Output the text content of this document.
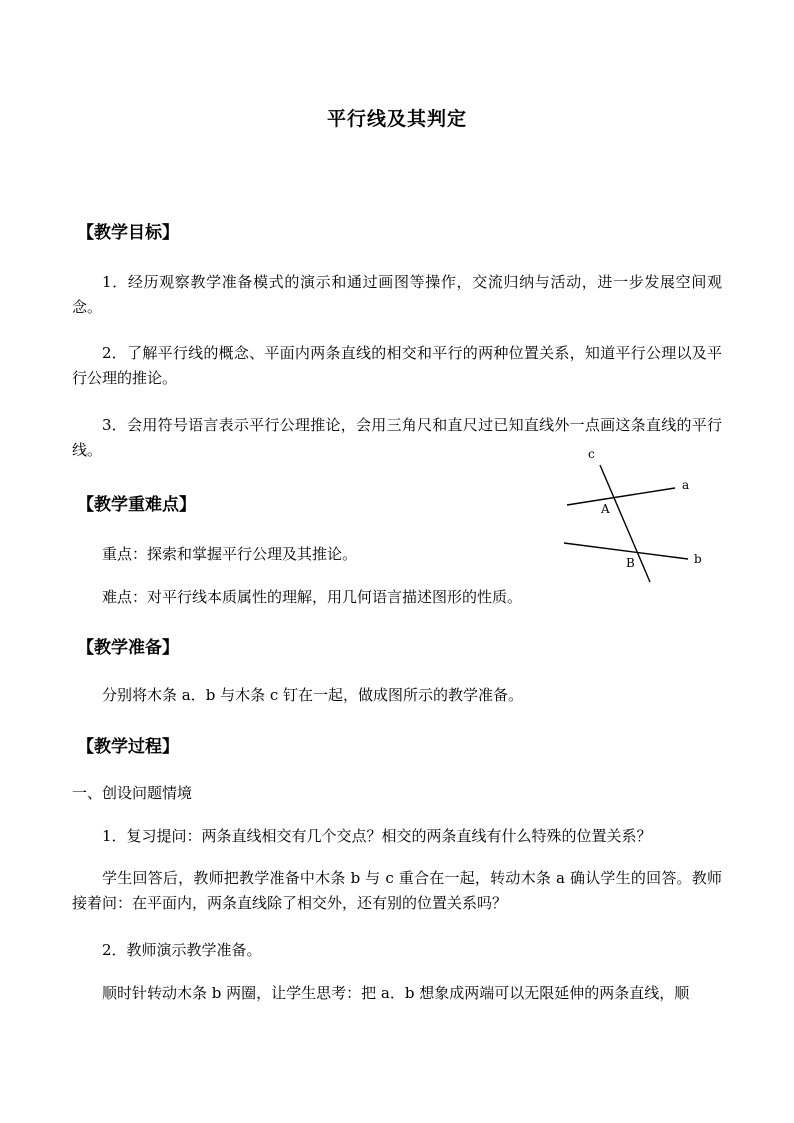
平行线及其判定
【教学目标】
1．经历观察教学准备模式的演示和通过画图等操作，交流归纳与活动，进一步发展空间观念。
2．了解平行线的概念、平面内两条直线的相交和平行的两种位置关系，知道平行公理以及平行公理的推论。
3．会用符号语言表示平行公理推论，会用三角尺和直尺过已知直线外一点画这条直线的平行线。
【教学重难点】
重点：探索和掌握平行公理及其推论。
难点：对平行线本质属性的理解，用几何语言描述图形的性质。
【教学准备】
分别将木条 a．b 与木条 c 钉在一起，做成图所示的教学准备。
【教学过程】
一、创设问题情境
1．复习提问：两条直线相交有几个交点？相交的两条直线有什么特殊的位置关系？
学生回答后，教师把教学准备中木条 b 与 c 重合在一起，转动木条 a 确认学生的回答。教师接着问：在平面内，两条直线除了相交外，还有别的位置关系吗？
2．教师演示教学准备。
顺时针转动木条 b 两圈，让学生思考：把 a．b 想象成两端可以无限延伸的两条直线，顺
c
a
b
A
B
